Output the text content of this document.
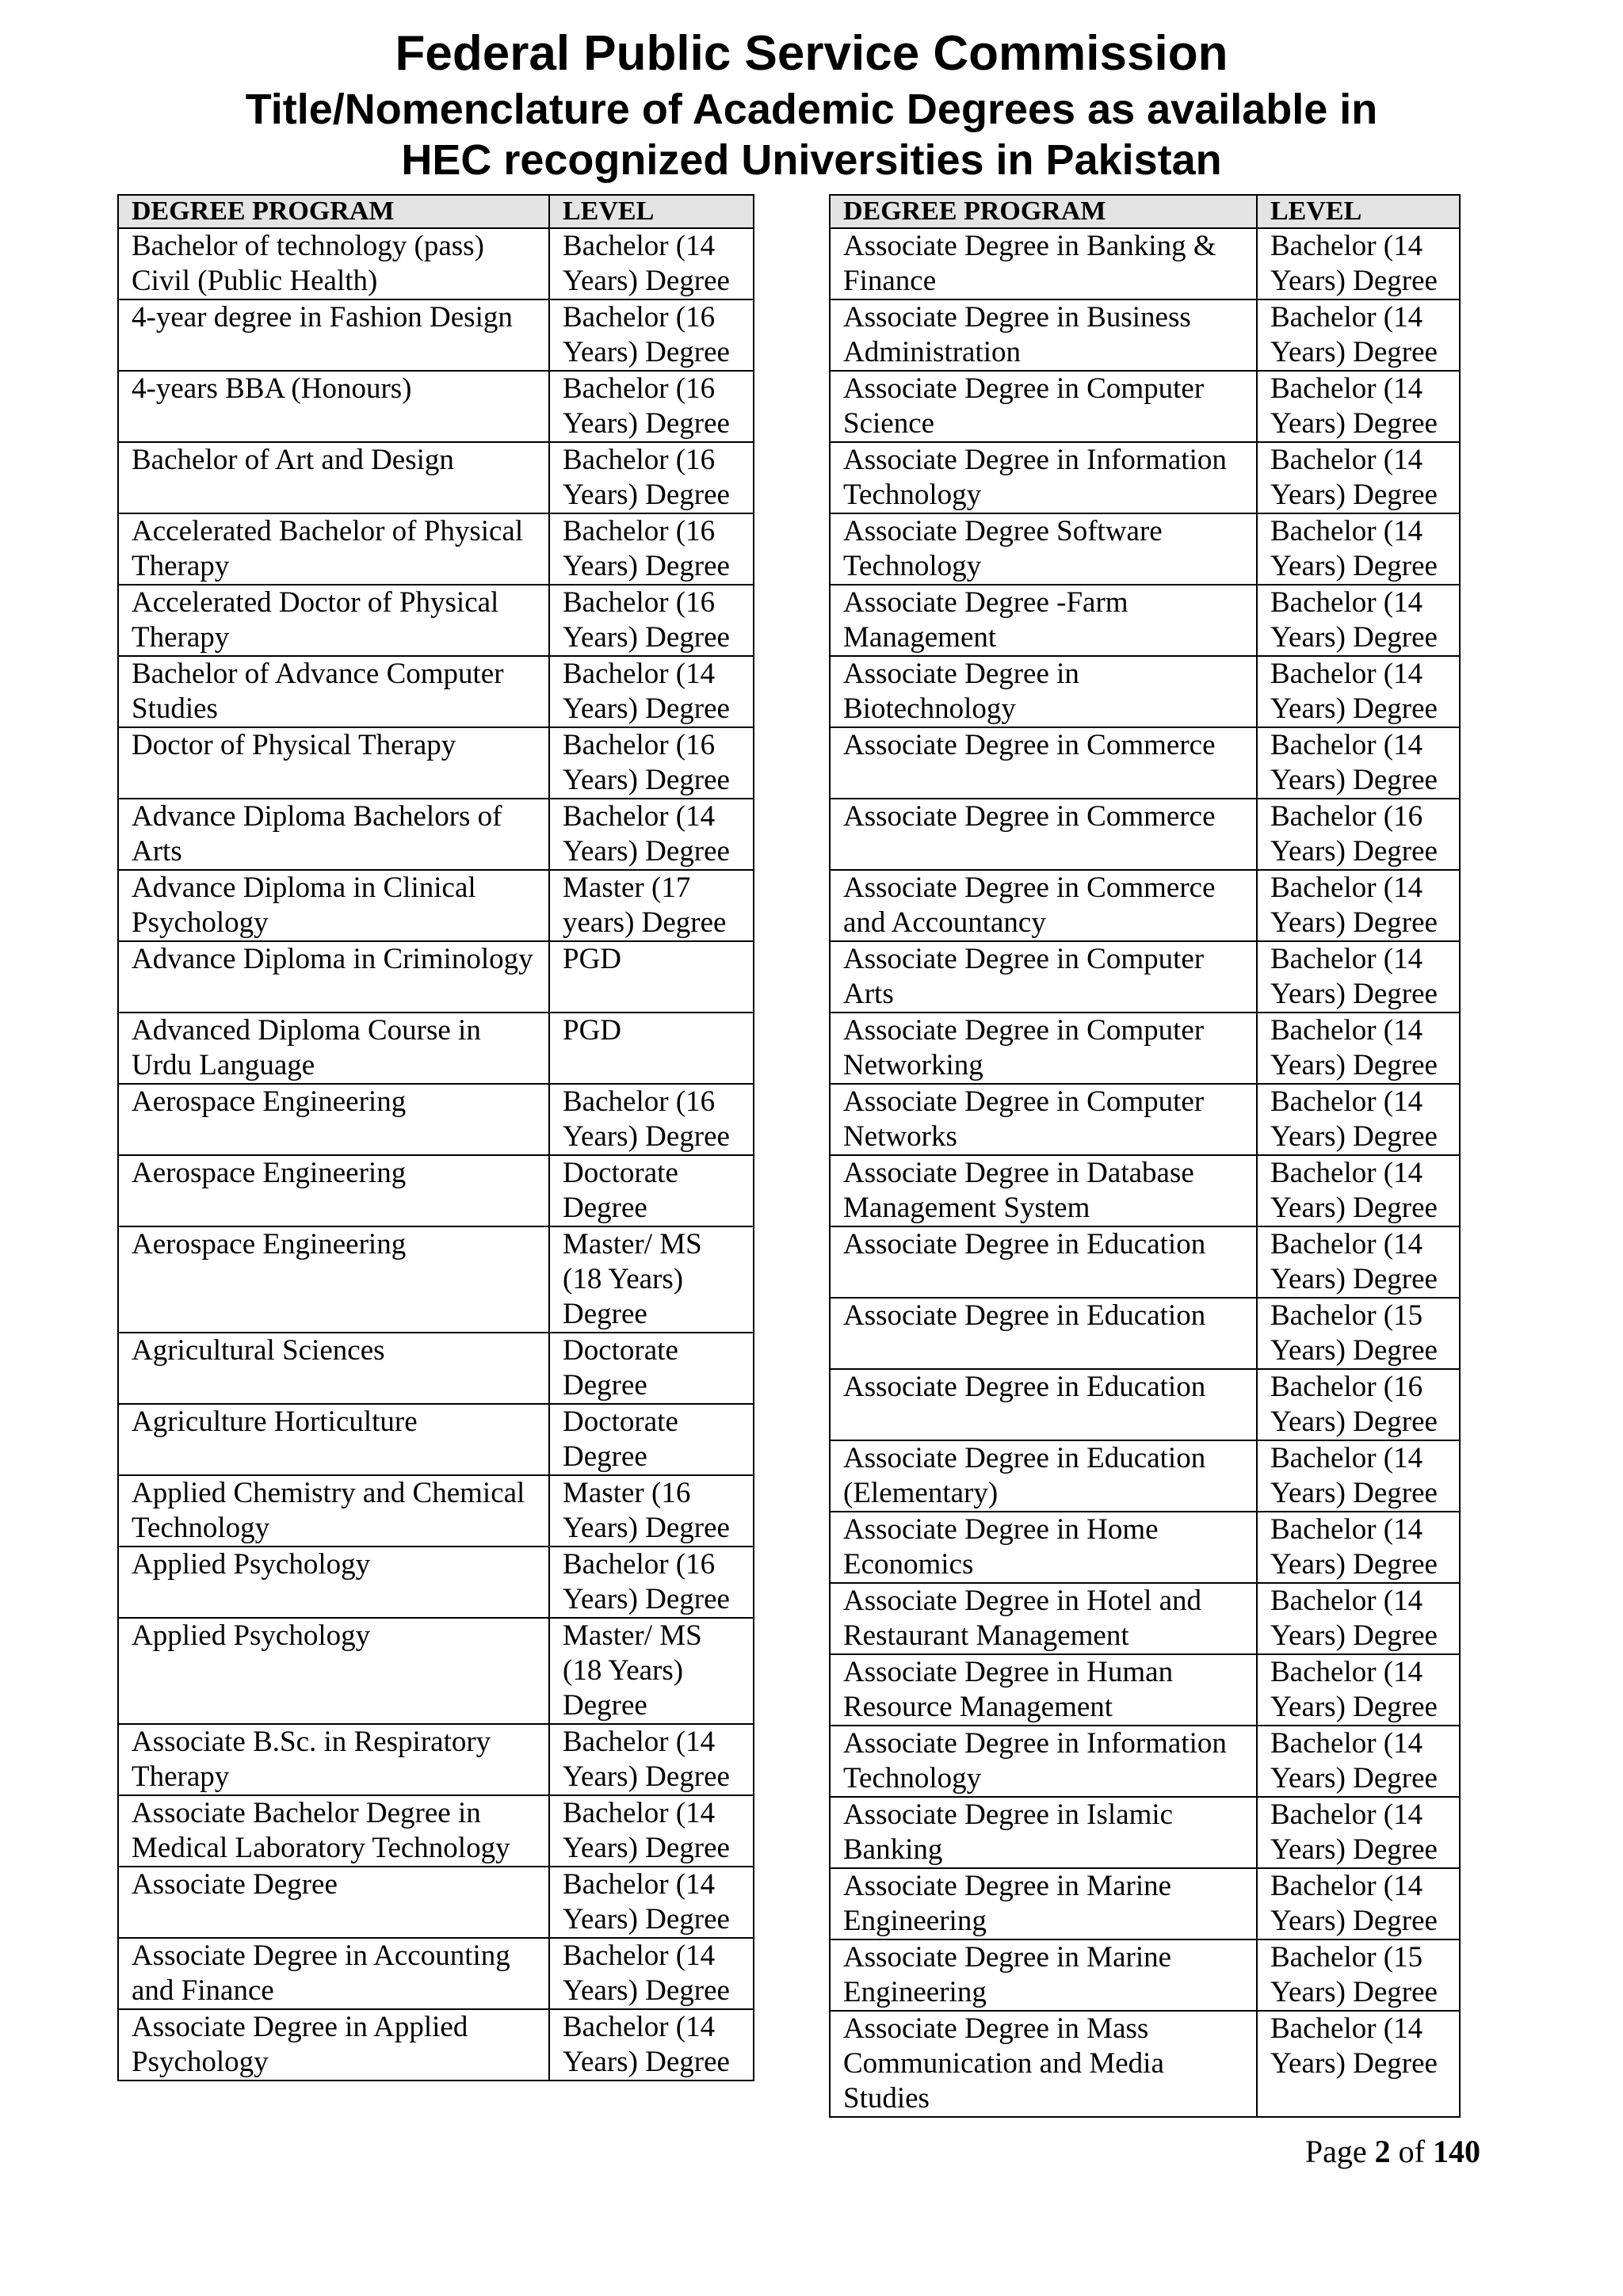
Federal Public Service Commission
Title/Nomenclature of Academic Degrees as available in
HEC recognized Universities in Pakistan
DEGREE PROGRAM	LEVEL
Bachelor of technology (pass) Civil (Public Health)	Bachelor (14 Years) Degree
4-year degree in Fashion Design	Bachelor (16 Years) Degree
4-years BBA (Honours)	Bachelor (16 Years) Degree
Bachelor of Art and Design	Bachelor (16 Years) Degree
Accelerated Bachelor of Physical Therapy	Bachelor (16 Years) Degree
Accelerated Doctor of Physical Therapy	Bachelor (16 Years) Degree
Bachelor of Advance Computer Studies	Bachelor (14 Years) Degree
Doctor of Physical Therapy	Bachelor (16 Years) Degree
Advance Diploma Bachelors of Arts	Bachelor (14 Years) Degree
Advance Diploma in Clinical Psychology	Master (17 years) Degree
Advance Diploma in Criminology	PGD
Advanced Diploma Course in Urdu Language	PGD
Aerospace Engineering	Bachelor (16 Years) Degree
Aerospace Engineering	Doctorate Degree
Aerospace Engineering	Master/ MS (18 Years) Degree
Agricultural Sciences	Doctorate Degree
Agriculture Horticulture	Doctorate Degree
Applied Chemistry and Chemical Technology	Master (16 Years) Degree
Applied Psychology	Bachelor (16 Years) Degree
Applied Psychology	Master/ MS (18 Years) Degree
Associate B.Sc. in Respiratory Therapy	Bachelor (14 Years) Degree
Associate Bachelor Degree in Medical Laboratory Technology	Bachelor (14 Years) Degree
Associate Degree	Bachelor (14 Years) Degree
Associate Degree in Accounting and Finance	Bachelor (14 Years) Degree
Associate Degree in Applied Psychology	Bachelor (14 Years) Degree
DEGREE PROGRAM	LEVEL
Associate Degree in Banking & Finance	Bachelor (14 Years) Degree
Associate Degree in Business Administration	Bachelor (14 Years) Degree
Associate Degree in Computer Science	Bachelor (14 Years) Degree
Associate Degree in Information Technology	Bachelor (14 Years) Degree
Associate Degree Software Technology	Bachelor (14 Years) Degree
Associate Degree -Farm Management	Bachelor (14 Years) Degree
Associate Degree in Biotechnology	Bachelor (14 Years) Degree
Associate Degree in Commerce	Bachelor (14 Years) Degree
Associate Degree in Commerce	Bachelor (16 Years) Degree
Associate Degree in Commerce and Accountancy	Bachelor (14 Years) Degree
Associate Degree in Computer Arts	Bachelor (14 Years) Degree
Associate Degree in Computer Networking	Bachelor (14 Years) Degree
Associate Degree in Computer Networks	Bachelor (14 Years) Degree
Associate Degree in Database Management System	Bachelor (14 Years) Degree
Associate Degree in Education	Bachelor (14 Years) Degree
Associate Degree in Education	Bachelor (15 Years) Degree
Associate Degree in Education	Bachelor (16 Years) Degree
Associate Degree in Education (Elementary)	Bachelor (14 Years) Degree
Associate Degree in Home Economics	Bachelor (14 Years) Degree
Associate Degree in Hotel and Restaurant Management	Bachelor (14 Years) Degree
Associate Degree in Human Resource Management	Bachelor (14 Years) Degree
Associate Degree in Information Technology	Bachelor (14 Years) Degree
Associate Degree in Islamic Banking	Bachelor (14 Years) Degree
Associate Degree in Marine Engineering	Bachelor (14 Years) Degree
Associate Degree in Marine Engineering	Bachelor (15 Years) Degree
Associate Degree in Mass Communication and Media Studies	Bachelor (14 Years) Degree
Page 2 of 140
